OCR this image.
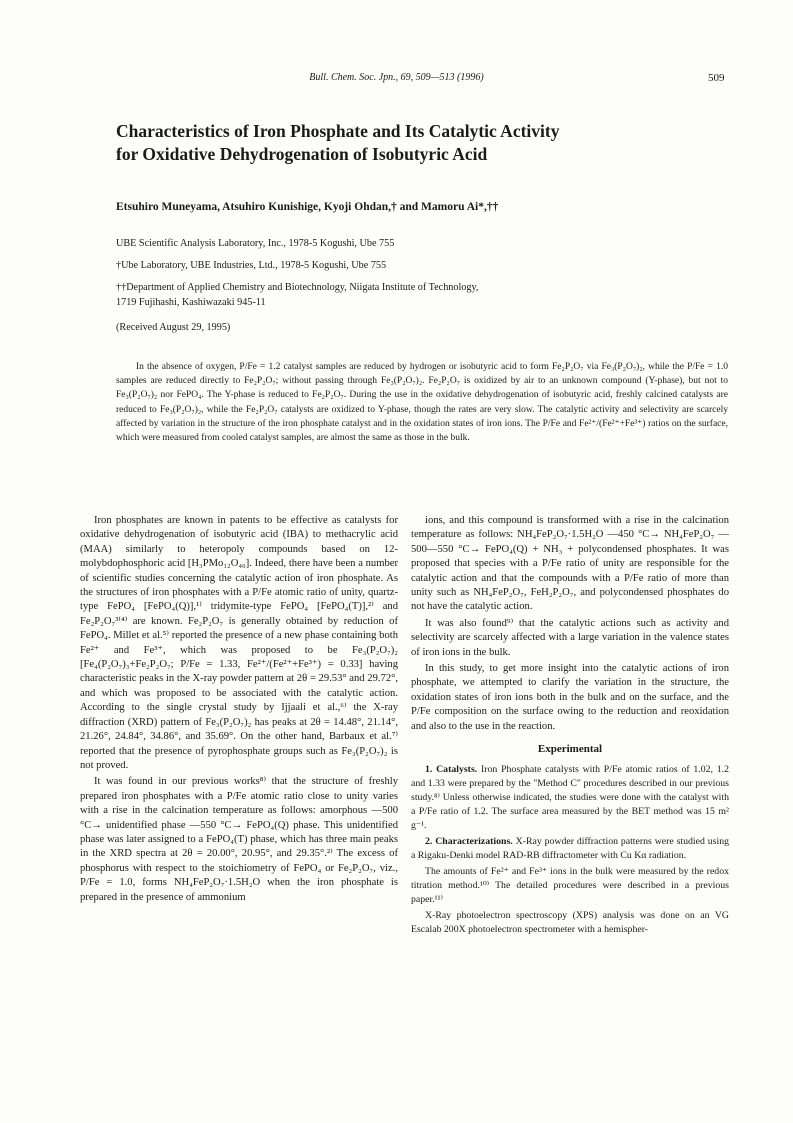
Bull. Chem. Soc. Jpn., 69, 509—513 (1996)	509
Characteristics of Iron Phosphate and Its Catalytic Activity
for Oxidative Dehydrogenation of Isobutyric Acid

Etsuhiro Muneyama, Atsuhiro Kunishige, Kyoji Ohdan,† and Mamoru Ai*,††

UBE Scientific Analysis Laboratory, Inc., 1978-5 Kogushi, Ube 755

†Ube Laboratory, UBE Industries, Ltd., 1978-5 Kogushi, Ube 755

††Department of Applied Chemistry and Biotechnology, Niigata Institute of Technology,
1719 Fujihashi, Kashiwazaki 945-11

(Received August 29, 1995)

In the absence of oxygen, P/Fe = 1.2 catalyst samples are reduced by hydrogen or isobutyric acid to form Fe₂P₂O₇ via Fe₃(P₂O₇)₂, while the P/Fe = 1.0 samples are reduced directly to Fe₂P₂O₇; without passing through Fe₃(P₂O₇)₂. Fe₂P₂O₇ is oxidized by air to an unknown compound (Y-phase), but not to Fe₃(P₂O₇)₂ nor FePO₄. The Y-phase is reduced to Fe₂P₂O₇. During the use in the oxidative dehydrogenation of isobutyric acid, freshly calcined catalysts are reduced to Fe₃(P₂O₇)₂, while the Fe₂P₂O₇ catalysts are oxidized to Y-phase, though the rates are very slow. The catalytic activity and selectivity are scarcely affected by variation in the structure of the iron phosphate catalyst and in the oxidation states of iron ions. The P/Fe and Fe²⁺/(Fe²⁺+Fe³⁺) ratios on the surface, which were measured from cooled catalyst samples, are almost the same as those in the bulk.

Iron phosphates are known in patents to be effective as catalysts for oxidative dehydrogenation of isobutyric acid (IBA) to methacrylic acid (MAA) similarly to heteropoly compounds based on 12-molybdophosphoric acid [H₃PMo₁₂O₄₀]. Indeed, there have been a number of scientific studies concerning the catalytic action of iron phosphate. As the structures of iron phosphates with a P/Fe atomic ratio of unity, quartz-type FePO₄ [FePO₄(Q)],¹⁾ tridymite-type FePO₄ [FePO₄(T)],²⁾ and Fe₂P₂O₇³⁽⁴⁾ are known. Fe₂P₂O₇ is generally obtained by reduction of FePO₄. Millet et al.⁵⁾ reported the presence of a new phase containing both Fe²⁺ and Fe³⁺, which was proposed to be Fe₃(P₂O₇)₂ [Fe₄(P₂O₇)₃+Fe₂P₂O₇; P/Fe = 1.33, Fe²⁺/(Fe²⁺+Fe³⁺) = 0.33] having characteristic peaks in the X-ray powder pattern at 2θ = 29.53° and 29.72°, and which was proposed to be associated with the catalytic action. According to the single crystal study by Ijjaali et al.,⁶⁾ the X-ray diffraction (XRD) pattern of Fe₃(P₂O₇)₂ has peaks at 2θ = 14.48°, 21.14°, 21.26°, 24.84°, 34.86°, and 35.69°. On the other hand, Barbaux et al.⁷⁾ reported that the presence of pyrophosphate groups such as Fe₃(P₂O₇)₂ is not proved.

It was found in our previous works⁸⁾ that the structure of freshly prepared iron phosphates with a P/Fe atomic ratio close to unity varies with a rise in the calcination temperature as follows: amorphous —500 °C→ unidentified phase —550 °C→ FePO₄(Q) phase. This unidentified phase was later assigned to a FePO₄(T) phase, which has three main peaks in the XRD spectra at 2θ = 20.00°, 20.95°, and 29.35°.²⁾ The excess of phosphorus with respect to the stoichiometry of FePO₄ or Fe₂P₂O₇, viz., P/Fe = 1.0, forms NH₄FeP₂O₇·1.5H₂O when the iron phosphate is prepared in the presence of ammonium

ions, and this compound is transformed with a rise in the calcination temperature as follows: NH₄FeP₂O₇·1.5H₂O —450 °C→ NH₄FeP₂O₇ —500—550 °C→ FePO₄(Q) + NH₃ + polycondensed phosphates. It was proposed that species with a P/Fe ratio of unity are responsible for the catalytic action and that the compounds with a P/Fe ratio of more than unity such as NH₄FeP₂O₇, FeH₂P₂O₇, and polycondensed phosphates do not have the catalytic action.

It was also found⁹⁾ that the catalytic actions such as activity and selectivity are scarcely affected with a large variation in the valence states of iron ions in the bulk.

In this study, to get more insight into the catalytic actions of iron phosphate, we attempted to clarify the variation in the structure, the oxidation states of iron ions both in the bulk and on the surface, and the P/Fe composition on the surface owing to the reduction and reoxidation and also to the use in the reaction.

Experimental

1. Catalysts. Iron Phosphate catalysts with P/Fe atomic ratios of 1.02, 1.2 and 1.33 were prepared by the "Method C" procedures described in our previous study.⁸⁾ Unless otherwise indicated, the studies were done with the catalyst with a P/Fe ratio of 1.2. The surface area measured by the BET method was 15 m² g⁻¹.

2. Characterizations. X-Ray powder diffraction patterns were studied using a Rigaku-Denki model RAD-RB diffractometer with Cu Kα radiation.

The amounts of Fe²⁺ and Fe³⁺ ions in the bulk were measured by the redox titration method.¹⁰⁾ The detailed procedures were described in a previous paper.¹¹⁾

X-Ray photoelectron spectroscopy (XPS) analysis was done on an VG Escalab 200X photoelectron spectrometer with a hemispher-
